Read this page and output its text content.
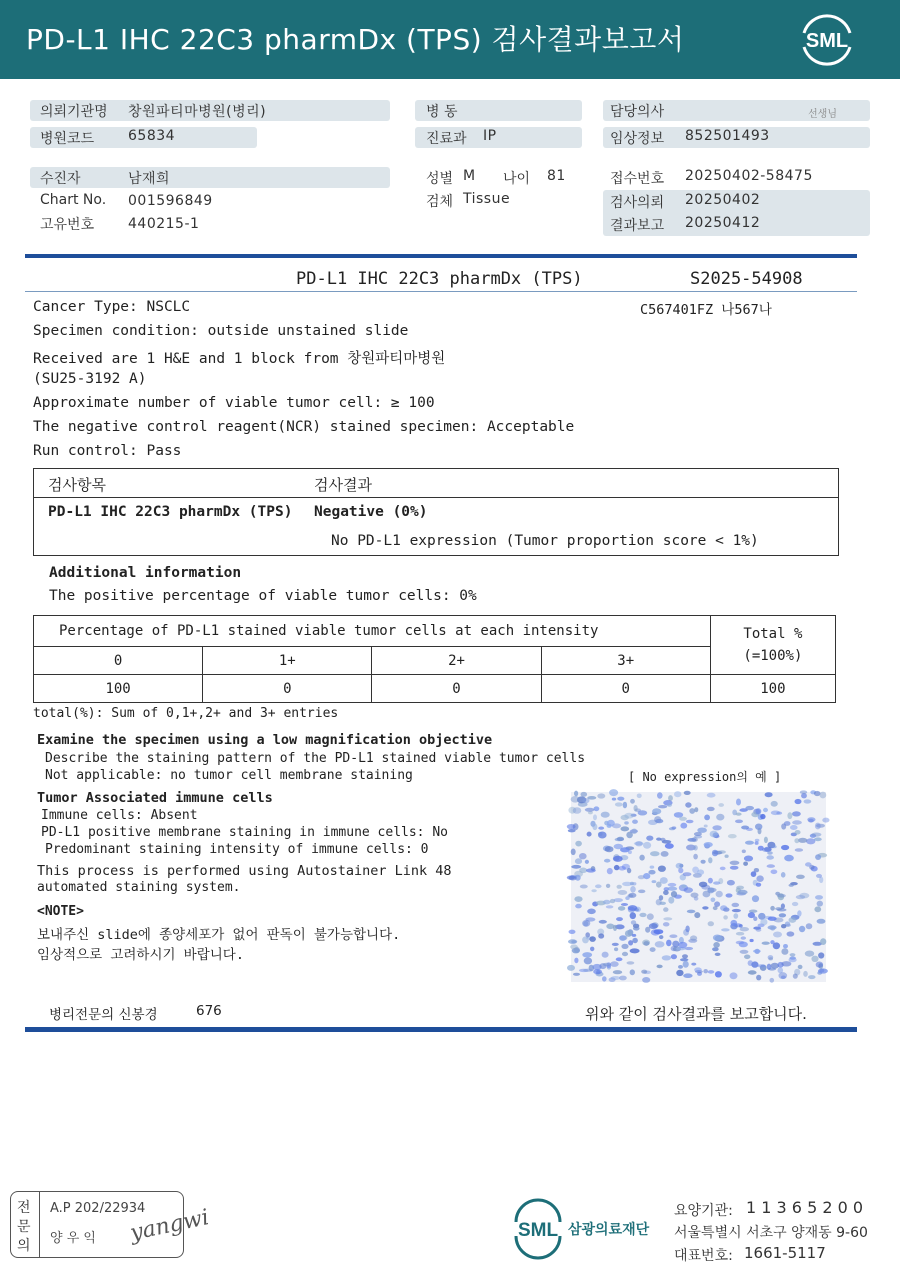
PD-L1 IHC 22C3 pharmDx (TPS) 검사결과보고서	SML
의뢰기관명 창원파티마병원(병리)
병원코드 65834
수진자	남재희
Chart No. 001596849
고유번호 440215-1
병 동
진료과 IP
성별 M 나이 81
검체 Tissue
담당의사	선생님
임상정보 852501493
접수번호 20250402-58475
검사의뢰 20250402
결과보고 20250412
PD-L1 IHC 22C3 pharmDx (TPS)	S2025-54908
C567401FZ 나567나
Cancer Type: NSCLC
Specimen condition: outside unstained slide
Received are 1 H&E and 1 block from 창원파티마병원
(SU25-3192 A)
Approximate number of viable tumor cell: ≥ 100
The negative control reagent(NCR) stained specimen: Acceptable
Run control: Pass
검사항목	검사결과
PD-L1 IHC 22C3 pharmDx (TPS) Negative (0%)
No PD-L1 expression (Tumor proportion score < 1%)
Additional information
The positive percentage of viable tumor cells: 0%
Percentage of PD-L1 stained viable tumor cells at each intensity				Total %
(=100%)

0	1+	2+	3+	
100	0	0	0	100
total(%): Sum of 0,1+,2+ and 3+ entries
Examine the specimen using a low magnification objective
Describe the staining pattern of the PD-L1 stained viable tumor cells
Not applicable: no tumor cell membrane staining	[ No expression의 예 ]
Tumor Associated immune cells
Immune cells: Absent
PD-L1 positive membrane staining in immune cells: No
Predominant staining intensity of immune cells: 0
This process is performed using Autostainer Link 48
automated staining system.
<NOTE>
보내주신 slide에 종양세포가 없어 판독이 불가능합니다.
임상적으로 고려하시기 바랍니다.
병리전문의 신봉경	676	위와 같이 검사결과를 보고합니다.
전
문
의
A.P 202/22934
양 우 익 yangwi	SML 삼광의료재단
요양기관: 1 1 3 6 5 2 0 0
서울특별시 서초구 양재동 9-60
대표번호: 1661-5117
